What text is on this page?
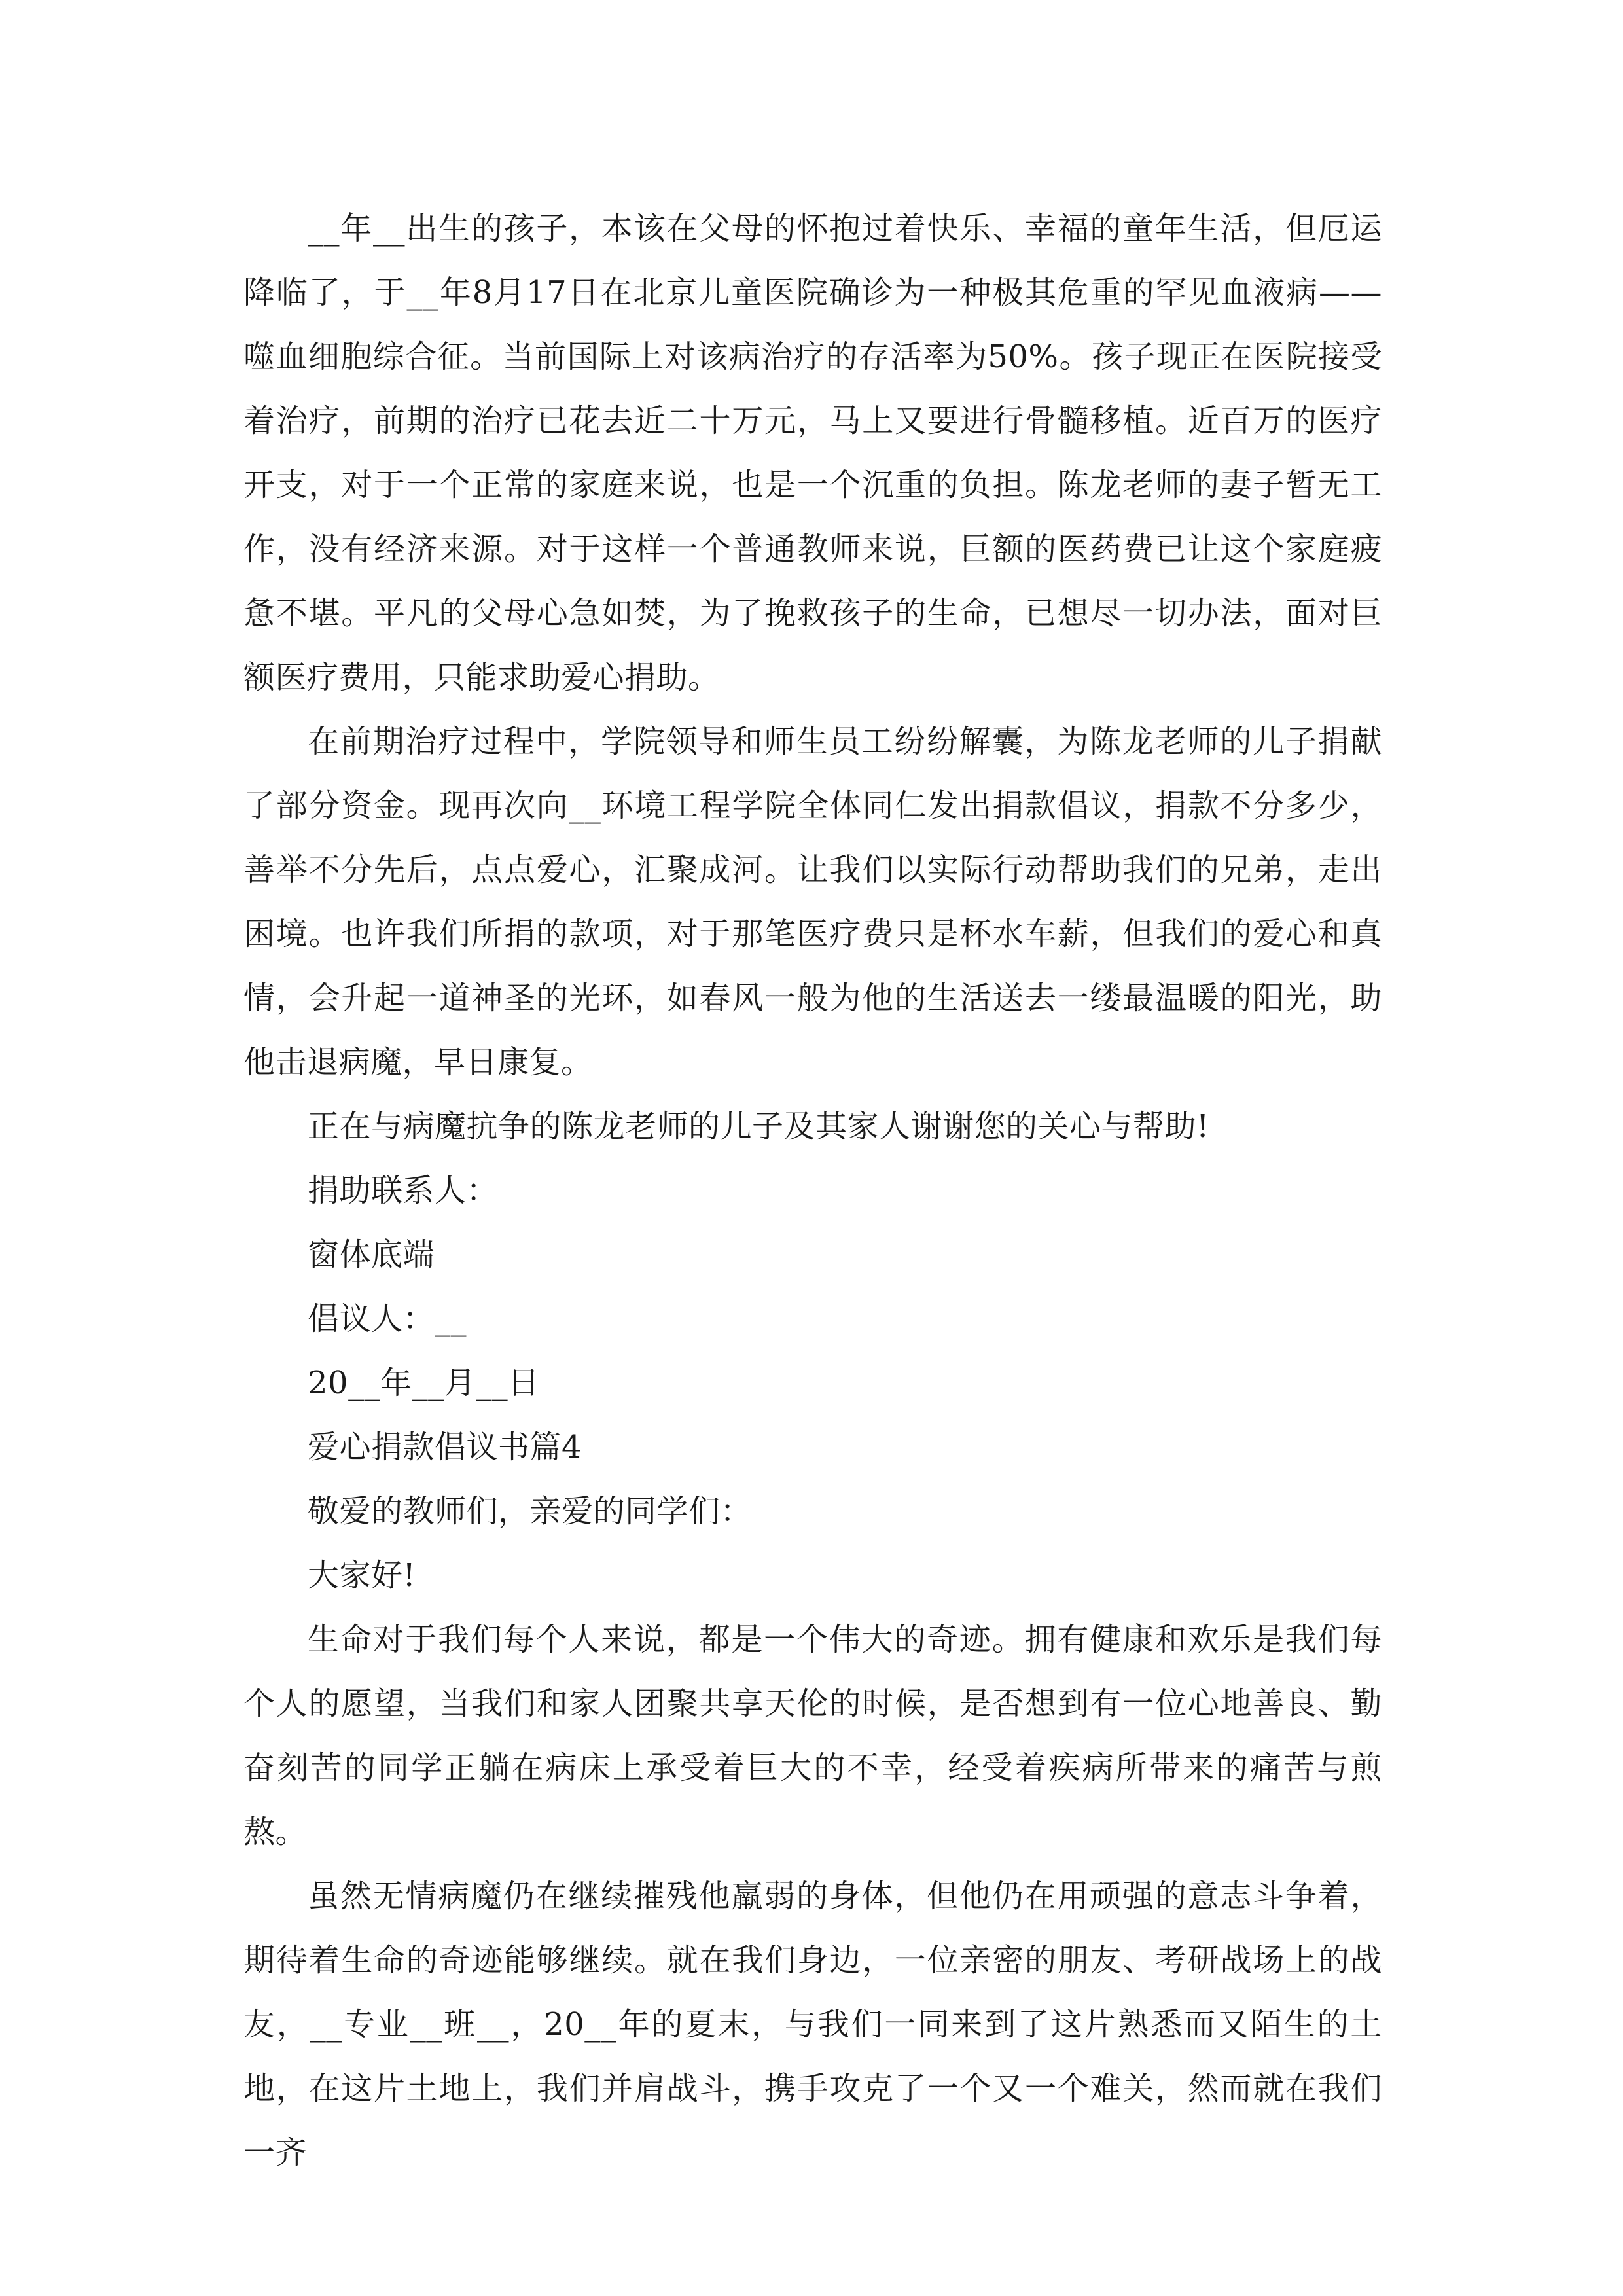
__年__出生的孩子，本该在父母的怀抱过着快乐、幸福的童年生活，但厄运降临了，于__年8月17日在北京儿童医院确诊为一种极其危重的罕见血液病——噬血细胞综合征。当前国际上对该病治疗的存活率为50%。孩子现正在医院接受着治疗，前期的治疗已花去近二十万元，马上又要进行骨髓移植。近百万的医疗开支，对于一个正常的家庭来说，也是一个沉重的负担。陈龙老师的妻子暂无工作，没有经济来源。对于这样一个普通教师来说，巨额的医药费已让这个家庭疲惫不堪。平凡的父母心急如焚，为了挽救孩子的生命，已想尽一切办法，面对巨额医疗费用，只能求助爱心捐助。

在前期治疗过程中，学院领导和师生员工纷纷解囊，为陈龙老师的儿子捐献了部分资金。现再次向__环境工程学院全体同仁发出捐款倡议，捐款不分多少，善举不分先后，点点爱心，汇聚成河。让我们以实际行动帮助我们的兄弟，走出困境。也许我们所捐的款项，对于那笔医疗费只是杯水车薪，但我们的爱心和真情，会升起一道神圣的光环，如春风一般为他的生活送去一缕最温暖的阳光，助他击退病魔，早日康复。

正在与病魔抗争的陈龙老师的儿子及其家人谢谢您的关心与帮助!

捐助联系人：

窗体底端

倡议人：__

20__年__月__日

爱心捐款倡议书篇4

敬爱的教师们，亲爱的同学们：

大家好!

生命对于我们每个人来说，都是一个伟大的奇迹。拥有健康和欢乐是我们每个人的愿望，当我们和家人团聚共享天伦的时候，是否想到有一位心地善良、勤奋刻苦的同学正躺在病床上承受着巨大的不幸，经受着疾病所带来的痛苦与煎熬。

虽然无情病魔仍在继续摧残他羸弱的身体，但他仍在用顽强的意志斗争着，期待着生命的奇迹能够继续。就在我们身边，一位亲密的朋友、考研战场上的战友，__专业__班__，20__年的夏末，与我们一同来到了这片熟悉而又陌生的土地，在这片土地上，我们并肩战斗，携手攻克了一个又一个难关，然而就在我们一齐
